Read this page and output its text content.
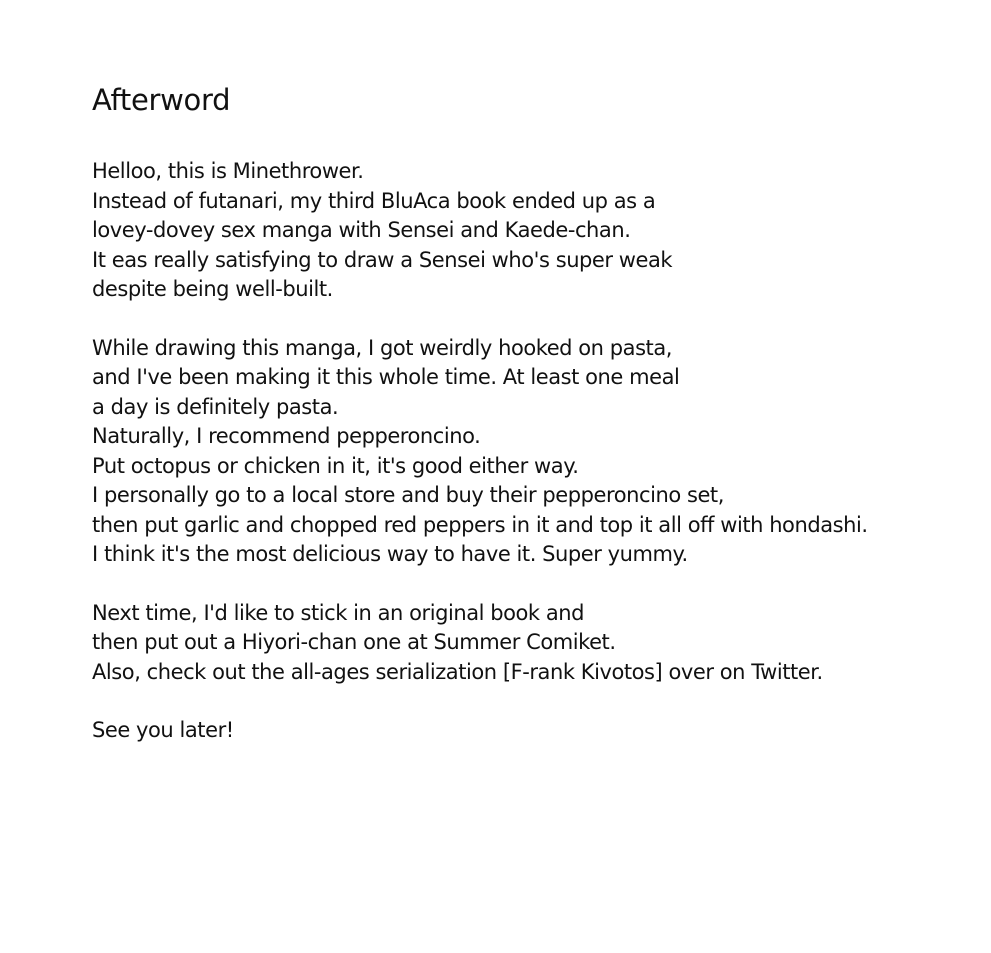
Afterword

Helloo, this is Minethrower.
Instead of futanari, my third BluAca book ended up as a
lovey-dovey sex manga with Sensei and Kaede-chan.
It eas really satisfying to draw a Sensei who's super weak
despite being well-built.

While drawing this manga, I got weirdly hooked on pasta,
and I've been making it this whole time. At least one meal
a day is definitely pasta.
Naturally, I recommend pepperoncino.
Put octopus or chicken in it, it's good either way.
I personally go to a local store and buy their pepperoncino set,
then put garlic and chopped red peppers in it and top it all off with hondashi.
I think it's the most delicious way to have it. Super yummy.

Next time, I'd like to stick in an original book and
then put out a Hiyori-chan one at Summer Comiket.
Also, check out the all-ages serialization [F-rank Kivotos] over on Twitter.

See you later!
